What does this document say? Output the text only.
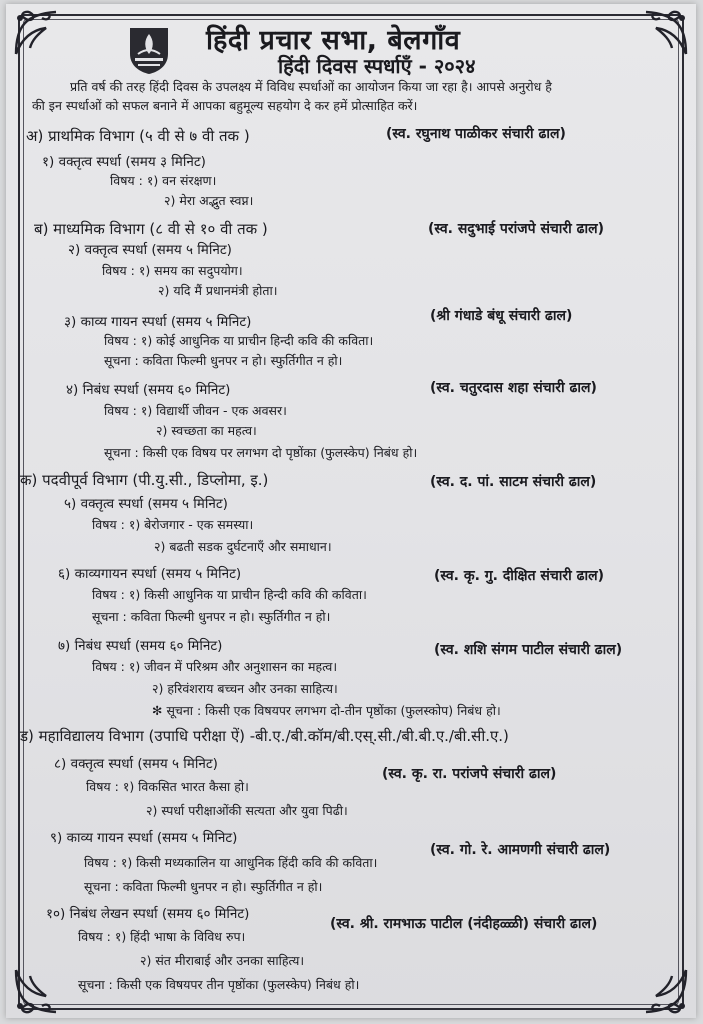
हिंदी प्रचार सभा, बेलगाँव
हिंदी दिवस स्पर्धाएँ - २०२४
प्रति वर्ष की तरह हिंदी दिवस के उपलक्ष्य में विविध स्पर्धाओं का आयोजन किया जा रहा है। आपसे अनुरोध है
की इन स्पर्धाओं को सफल बनाने में आपका बहुमूल्य सहयोग दे कर हमें प्रोत्साहित करें।
अ) प्राथमिक विभाग (५ वी से ७ वी तक )	(स्व. रघुनाथ पाळीकर संचारी ढाल)
१) वक्तृत्व स्पर्धा (समय ३ मिनिट)
विषय : १) वन संरक्षण।
२) मेरा अद्भुत स्वप्न।
ब) माध्यमिक विभाग (८ वी से १० वी तक )	(स्व. सदुभाई परांजपे संचारी ढाल)
२) वक्तृत्व स्पर्धा (समय ५ मिनिट)
विषय : १) समय का सदुपयोग।
२) यदि मैं प्रधानमंत्री होता।
३) काव्य गायन स्पर्धा (समय ५ मिनिट)	(श्री गंधाडे बंधू संचारी ढाल)
विषय : १) कोई आधुनिक या प्राचीन हिन्दी कवि की कविता।
सूचना : कविता फिल्मी धुनपर न हो। स्फुर्तिगीत न हो।
४) निबंध स्पर्धा (समय ६० मिनिट)	(स्व. चतुरदास शहा संचारी ढाल)
विषय : १) विद्यार्थी जीवन - एक अवसर।
२) स्वच्छता का महत्व।
सूचना : किसी एक विषय पर लगभग दो पृष्ठोंका (फुलस्केप) निबंध हो।
क) पदवीपूर्व विभाग (पी.यु.सी., डिप्लोमा, इ.)	(स्व. द. पां. साटम संचारी ढाल)
५) वक्तृत्व स्पर्धा (समय ५ मिनिट)
विषय : १) बेरोजगार - एक समस्या।
२) बढती सडक दुर्घटनाएँ और समाधान।
६) काव्यगायन स्पर्धा (समय ५ मिनिट)	(स्व. कृ. गु. दीक्षित संचारी ढाल)
विषय : १) किसी आधुनिक या प्राचीन हिन्दी कवि की कविता।
सूचना : कविता फिल्मी धुनपर न हो। स्फुर्तिगीत न हो।
७) निबंध स्पर्धा (समय ६० मिनिट)	(स्व. शशि संगम पाटील संचारी ढाल)
विषय : १) जीवन में परिश्रम और अनुशासन का महत्व।
२) हरिवंशराय बच्चन और उनका साहित्य।
✻ सूचना : किसी एक विषयपर लगभग दो-तीन पृष्ठोंका (फुलस्कोप) निबंध हो।
ड) महाविद्यालय विभाग (उपाधि परीक्षा ऐं) -बी.ए./बी.कॉम/बी.एस्.सी./बी.बी.ए./बी.सी.ए.)
८) वक्तृत्व स्पर्धा (समय ५ मिनिट)
(स्व. कृ. रा. परांजपे संचारी ढाल)
विषय : १) विकसित भारत कैसा हो।
२) स्पर्धा परीक्षाओंकी सत्यता और युवा पिढी।
९) काव्य गायन स्पर्धा (समय ५ मिनिट)
(स्व. गो. रे. आमणगी संचारी ढाल)
विषय : १) किसी मध्यकालिन या आधुनिक हिंदी कवि की कविता।
सूचना : कविता फिल्मी धुनपर न हो। स्फुर्तिगीत न हो।
१०) निबंध लेखन स्पर्धा (समय ६० मिनिट)
(स्व. श्री. रामभाऊ पाटील (नंदीहळ्ळी) संचारी ढाल)
विषय : १) हिंदी भाषा के विविध रुप।
२) संत मीराबाई और उनका साहित्य।
सूचना : किसी एक विषयपर तीन पृष्ठोंका (फुलस्केप) निबंध हो।
